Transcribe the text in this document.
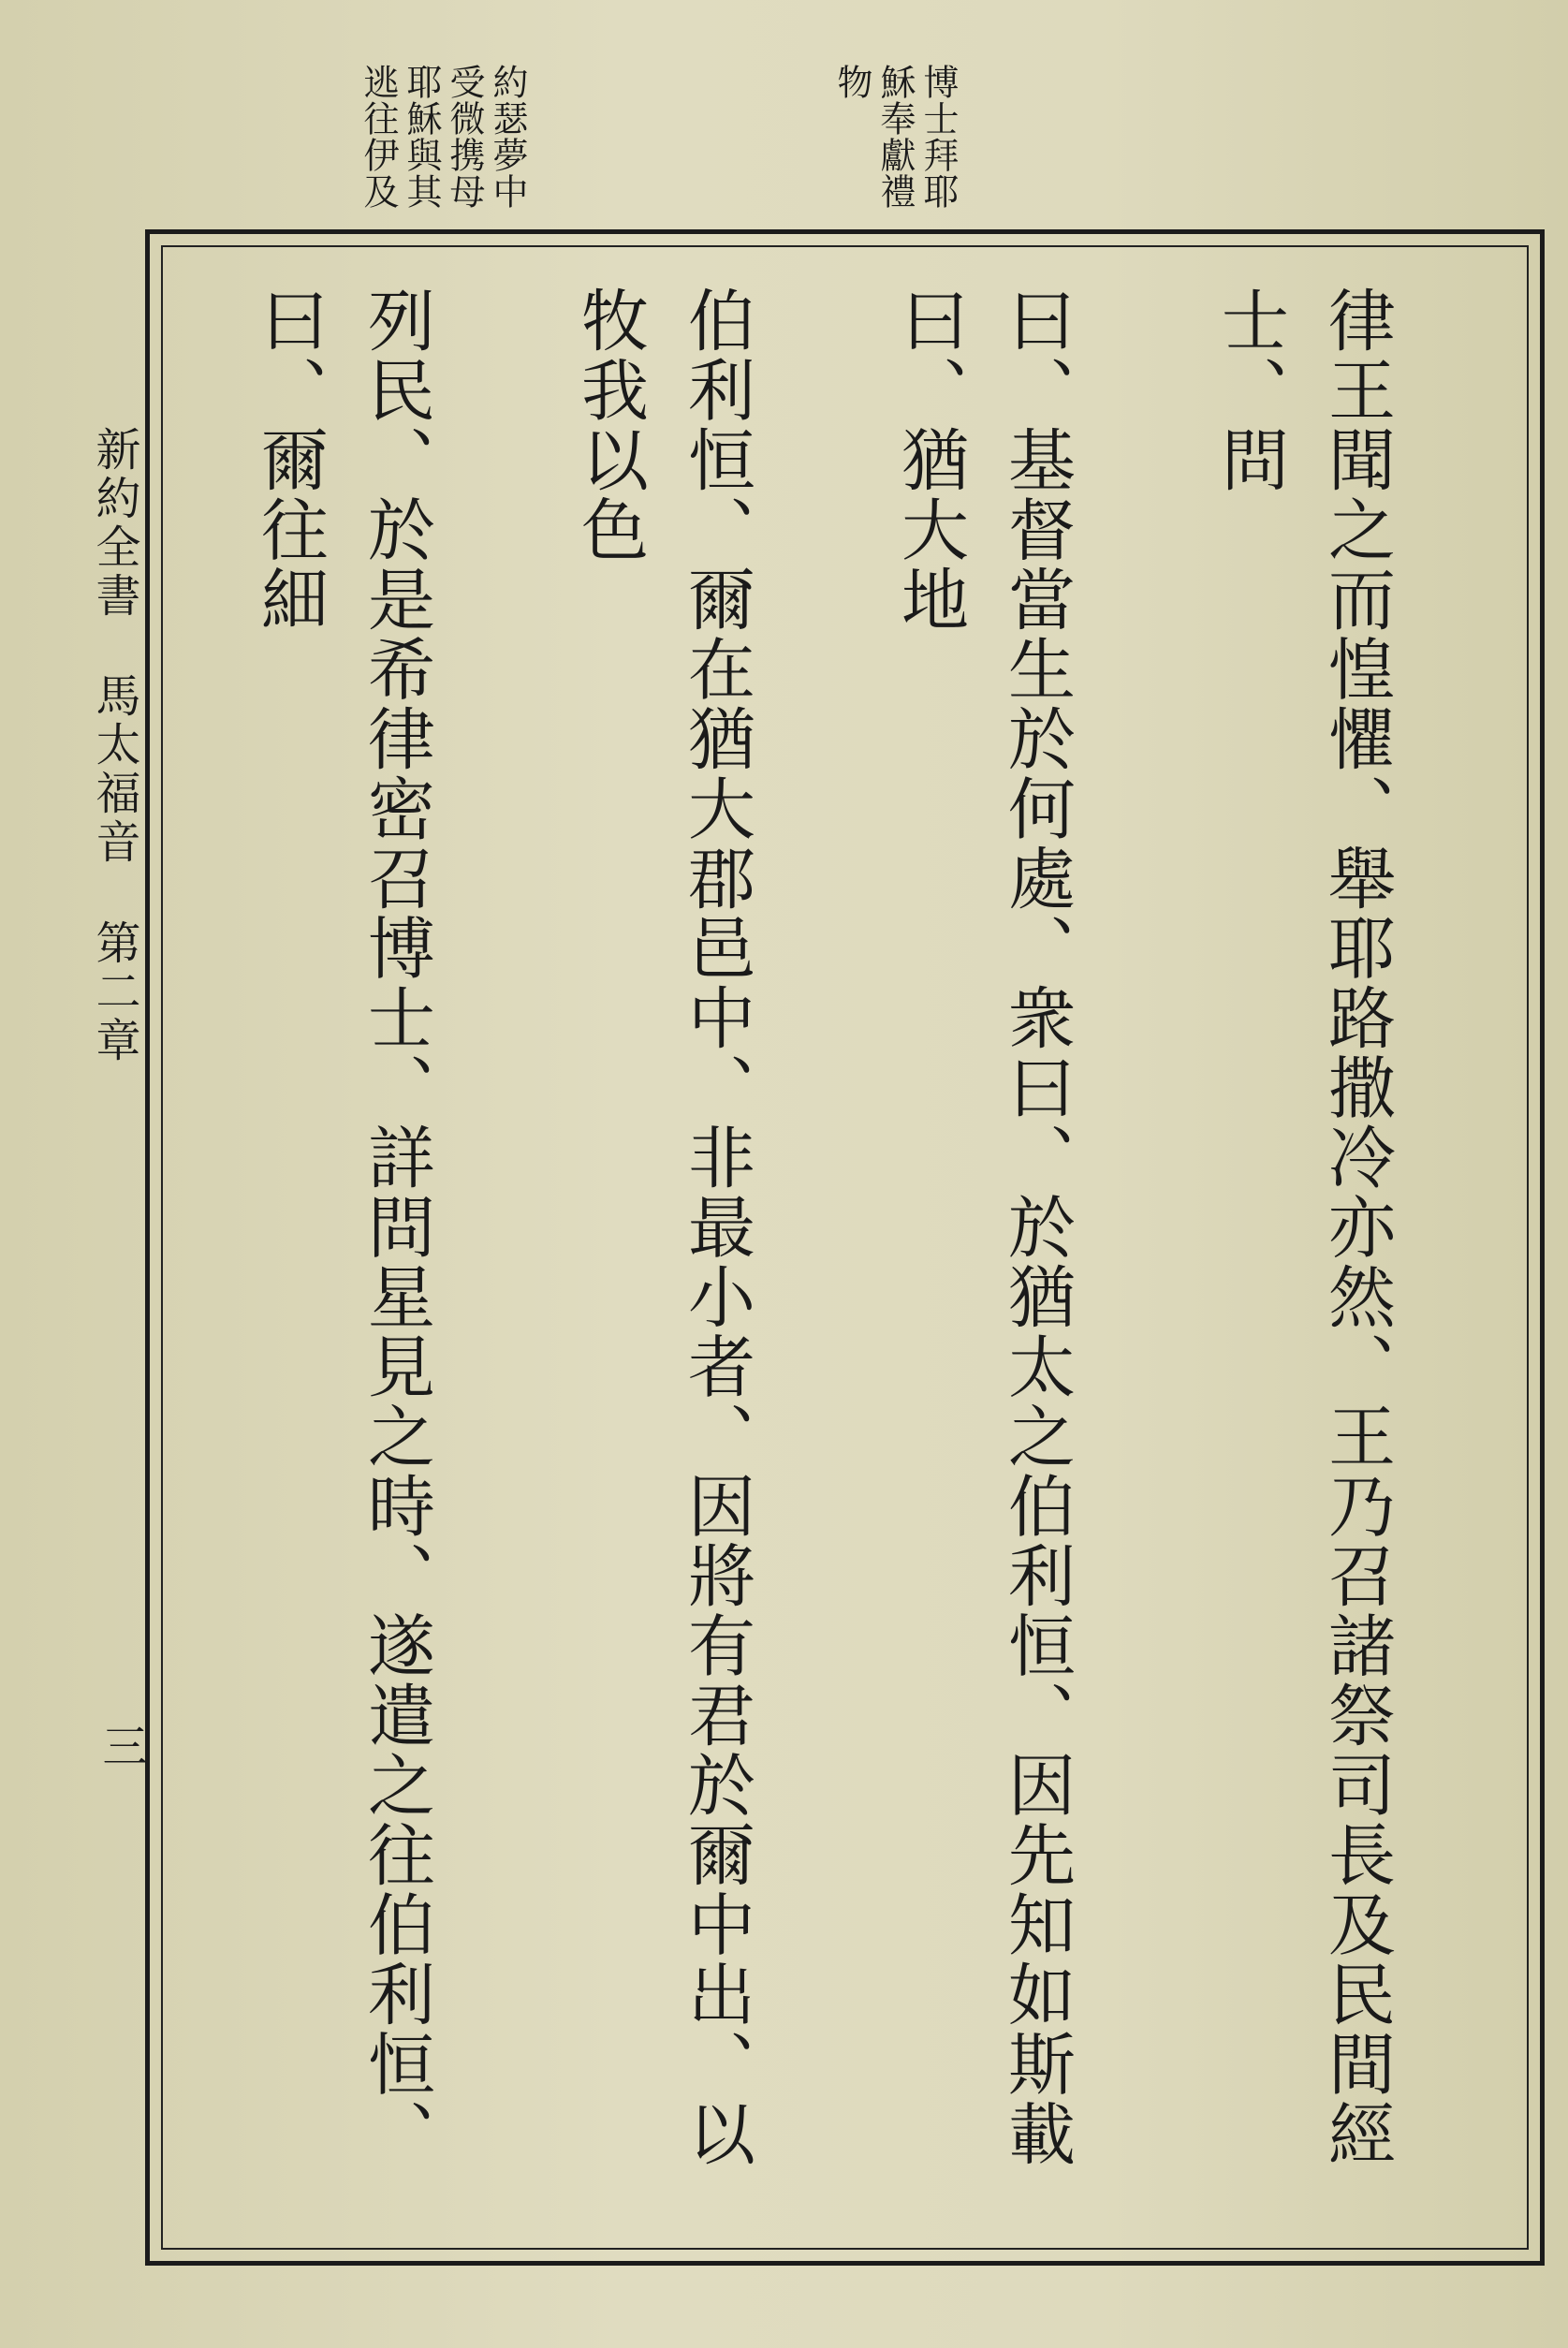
博士拜耶穌奉獻禮物
約瑟夢中受微携母耶穌與其逃往伊及

律王聞之而惶懼、舉耶路撒冷亦然、王乃召諸祭司長及民間經士、問

曰、基督當生於何處、衆曰、於猶太之伯利恒、因先知如斯載曰、猶大地

伯利恒、爾在猶大郡邑中、非最小者、因將有君於爾中出、以牧我以色

列民、於是希律密召博士、詳問星見之時、遂遣之往伯利恒、曰、爾往細

新約全書 馬太福音 第二章
三
